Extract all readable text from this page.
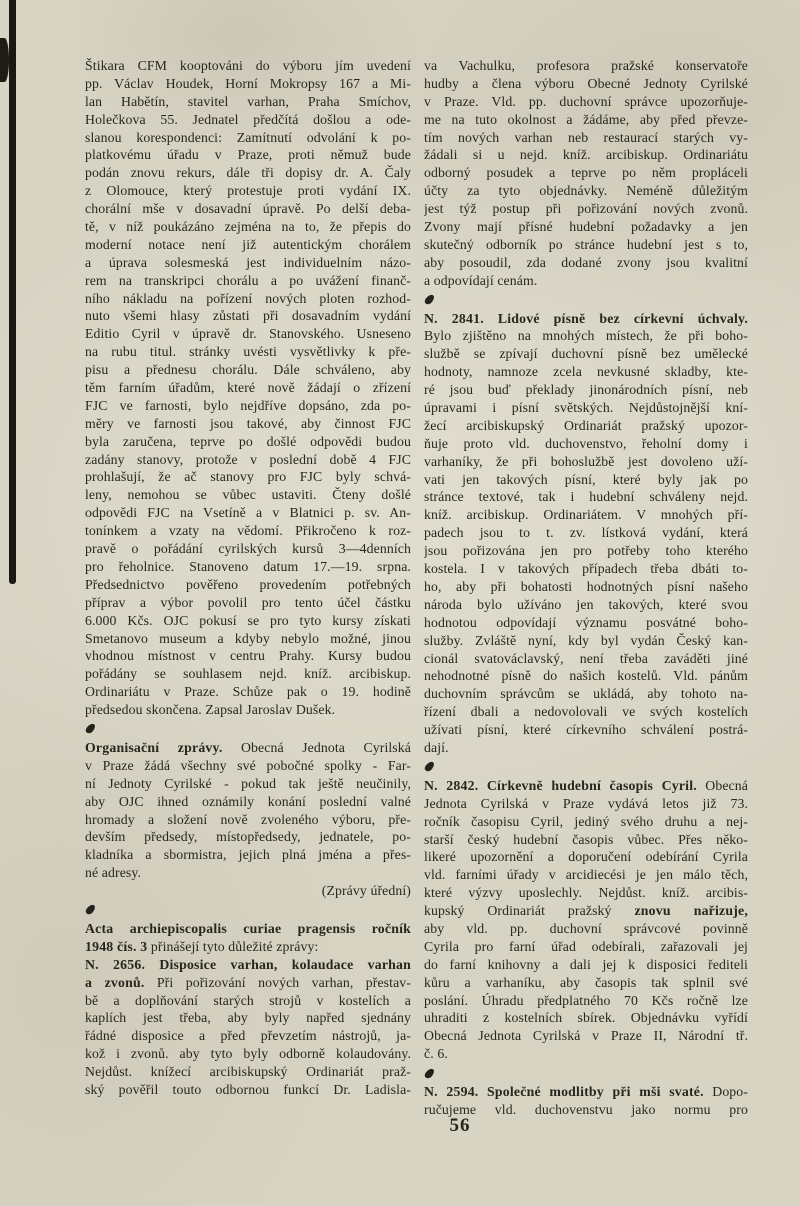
Štikara CFM kooptováni do výboru jím uvedení
pp. Václav Houdek, Horní Mokropsy 167 a Mi-
lan Habětín, stavitel varhan, Praha Smíchov,
Holečkova 55. Jednatel předčítá došlou a ode-
slanou korespondenci: Zamítnutí odvolání k po-
platkovému úřadu v Praze, proti němuž bude
podán znovu rekurs, dále tři dopisy dr. A. Čaly
z Olomouce, který protestuje proti vydání IX.
chorální mše v dosavadní úpravě. Po delší deba-
tě, v níž poukázáno zejména na to, že přepis do
moderní notace není již autentickým chorálem
a úprava solesmeská jest individuelním názo-
rem na transkripci chorálu a po uvážení finanč-
ního nákladu na pořízení nových ploten rozhod-
nuto všemi hlasy zůstati při dosavadním vydání
Editio Cyril v úpravě dr. Stanovského. Usneseno
na rubu titul. stránky uvésti vysvětlivky k pře-
pisu a přednesu chorálu. Dále schváleno, aby
těm farním úřadům, které nově žádají o zřízení
FJC ve farnosti, bylo nejdříve dopsáno, zda po-
měry ve farnosti jsou takové, aby činnost FJC
byla zaručena, teprve po došlé odpovědi budou
zadány stanovy, protože v poslední době 4 FJC
prohlašují, že ač stanovy pro FJC byly schvá-
leny, nemohou se vůbec ustaviti. Čteny došlé
odpovědi FJC na Vsetíně a v Blatnici p. sv. An-
tonínkem a vzaty na vědomí. Přikročeno k roz-
pravě o pořádání cyrilských kursů 3—4denních
pro řeholnice. Stanoveno datum 17.—19. srpna.
Předsednictvo pověřeno provedením potřebných
příprav a výbor povolil pro tento účel částku
6.000 Kčs. OJC pokusí se pro tyto kursy získati
Smetanovo museum a kdyby nebylo možné, jinou
vhodnou místnost v centru Prahy. Kursy budou
pořádány se souhlasem nejd. kníž. arcibiskup.
Ordinariátu v Praze. Schůze pak o 19. hodině
předsedou skončena. Zapsal Jaroslav Dušek.
Organisační zprávy. Obecná Jednota Cyrilská
v Praze žádá všechny své pobočné spolky - Far-
ní Jednoty Cyrilské - pokud tak ještě neučinily,
aby OJC ihned oznámily konání poslední valné
hromady a složení nově zvoleného výboru, pře-
devším předsedy, místopředsedy, jednatele, po-
kladníka a sbormistra, jejich plná jména a přes-
né adresy.
(Zprávy úřední)
Acta archiepiscopalis curiae pragensis ročník
1948 čís. 3 přinášejí tyto důležité zprávy:
N. 2656. Disposice varhan, kolaudace varhan
a zvonů. Při pořizování nových varhan, přestav-
bě a doplňování starých strojů v kostelích a
kaplích jest třeba, aby byly napřed sjednány
řádné disposice a před převzetím nástrojů, ja-
kož i zvonů. aby tyto byly odborně kolaudovány.
Nejdůst. knížecí arcibiskupský Ordinariát praž-
ský pověřil touto odbornou funkcí Dr. Ladisla-
va Vachulku, profesora pražské konservatoře
hudby a člena výboru Obecné Jednoty Cyrilské
v Praze. Vld. pp. duchovní správce upozorňuje-
me na tuto okolnost a žádáme, aby před převze-
tím nových varhan neb restaurací starých vy-
žádali si u nejd. kníž. arcibiskup. Ordinariátu
odborný posudek a teprve po něm propláceli
účty za tyto objednávky. Neméně důležitým
jest týž postup při pořizování nových zvonů.
Zvony mají přísné hudební požadavky a jen
skutečný odborník po stránce hudební jest s to,
aby posoudil, zda dodané zvony jsou kvalitní
a odpovídají cenám.
N. 2841. Lidové písně bez církevní úchvaly.
Bylo zjištěno na mnohých místech, že při boho-
službě se zpívají duchovní písně bez umělecké
hodnoty, namnoze zcela nevkusné skladby, kte-
ré jsou buď překlady jinonárodních písní, neb
úpravami i písní světských. Nejdůstojnější kní-
žecí arcibiskupský Ordinariát pražský upozor-
ňuje proto vld. duchovenstvo, řeholní domy i
varhaníky, že při bohoslužbě jest dovoleno uží-
vati jen takových písní, které byly jak po
stránce textové, tak i hudební schváleny nejd.
kníž. arcibiskup. Ordinariátem. V mnohých pří-
padech jsou to t. zv. lístková vydání, která
jsou pořizována jen pro potřeby toho kterého
kostela. I v takových případech třeba dbáti to-
ho, aby při bohatosti hodnotných písní našeho
národa bylo užíváno jen takových, které svou
hodnotou odpovídají významu posvátné boho-
služby. Zvláště nyní, kdy byl vydán Český kan-
cionál svatováclavský, není třeba zaváděti jiné
nehodnotné písně do našich kostelů. Vld. pánům
duchovním správcům se ukládá, aby tohoto na-
řízení dbali a nedovolovali ve svých kostelích
užívati písní, které církevního schválení postrá-
dají.
N. 2842. Církevně hudební časopis Cyril. Obecná
Jednota Cyrilská v Praze vydává letos již 73.
ročník časopisu Cyril, jediný svého druhu a nej-
starší český hudební časopis vůbec. Přes něko-
likeré upozornění a doporučení odebírání Cyrila
vld. farními úřady v arcidiecési je jen málo těch,
které výzvy uposlechly. Nejdůst. kníž. arcibis-
kupský Ordinariát pražský znovu nařizuje,
aby vld. pp. duchovní správcové povinně
Cyrila pro farní úřad odebírali, zařazovali jej
do farní knihovny a dali jej k disposici řediteli
kůru a varhaníku, aby časopis tak splnil své
poslání. Úhradu předplatného 70 Kčs ročně lze
uhraditi z kostelních sbírek. Objednávku vyřídí
Obecná Jednota Cyrilská v Praze II, Národní tř.
č. 6.
N. 2594. Společné modlitby při mši svaté. Dopo-
ručujeme vld. duchovenstvu jako normu pro
56
